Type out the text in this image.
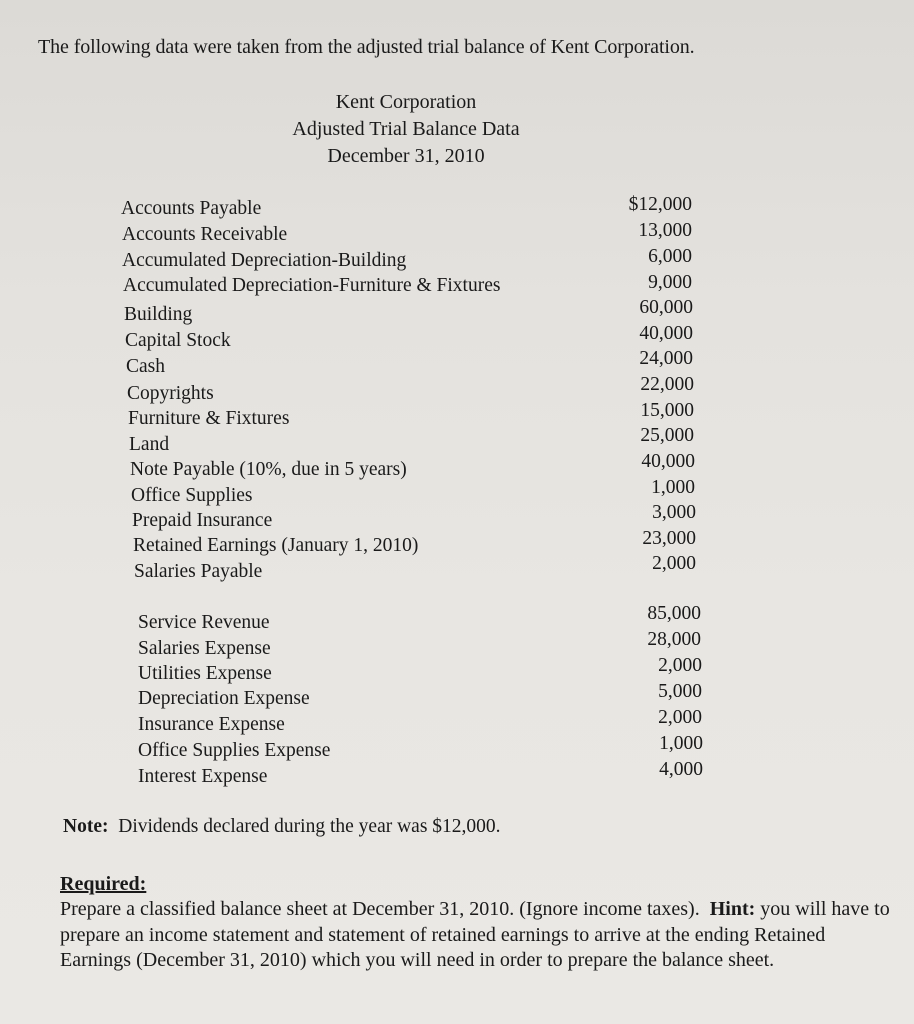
The following data were taken from the adjusted trial balance of Kent Corporation.
Kent Corporation
Adjusted Trial Balance Data
December 31, 2010
Accounts Payable	$12,000
Accounts Receivable	13,000
Accumulated Depreciation-Building	6,000
Accumulated Depreciation-Furniture & Fixtures	9,000
Building	60,000
Capital Stock	40,000
Cash	24,000
Copyrights	22,000
Furniture & Fixtures	15,000
Land	25,000
Note Payable (10%, due in 5 years)	40,000
Office Supplies	1,000
Prepaid Insurance	3,000
Retained Earnings (January 1, 2010)	23,000
Salaries Payable	2,000
Service Revenue	85,000
Salaries Expense	28,000
Utilities Expense	2,000
Depreciation Expense	5,000
Insurance Expense	2,000
Office Supplies Expense	1,000
Interest Expense	4,000
Note: Dividends declared during the year was $12,000.
Required:
Prepare a classified balance sheet at December 31, 2010. (Ignore income taxes). Hint: you will have to prepare an income statement and statement of retained earnings to arrive at the ending Retained Earnings (December 31, 2010) which you will need in order to prepare the balance sheet.
